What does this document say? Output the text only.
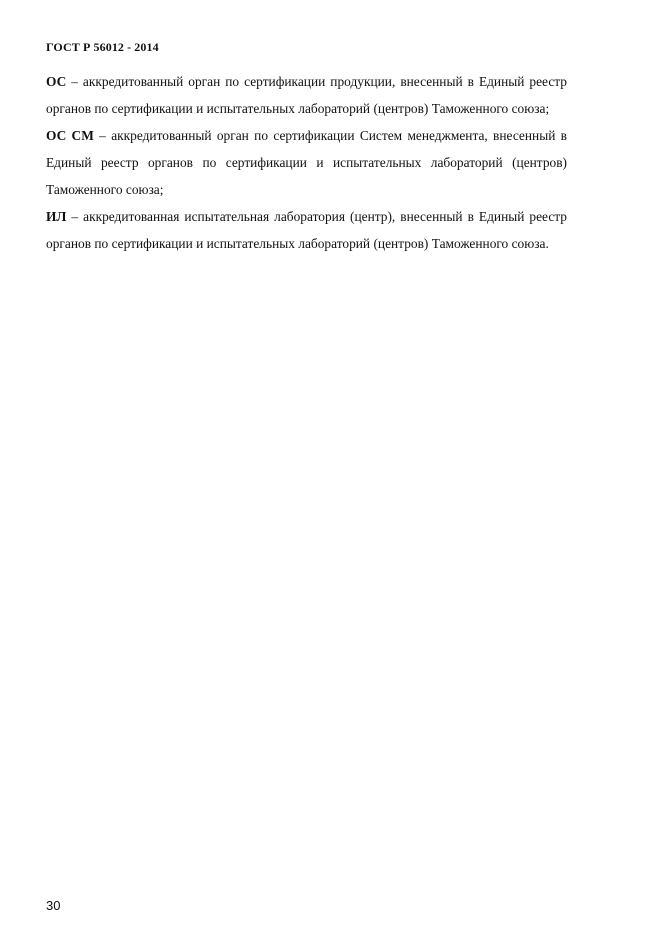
ГОСТ Р 56012 - 2014

ОС – аккредитованный орган по сертификации продукции, внесенный в Единый реестр органов по сертификации и испытательных лабораторий (центров) Таможенного союза;

ОС СМ – аккредитованный орган по сертификации Систем менеджмента, внесенный в Единый реестр органов по сертификации и испытательных лабораторий (центров) Таможенного союза;

ИЛ – аккредитованная испытательная лаборатория (центр), внесенный в Единый реестр органов по сертификации и испытательных лабораторий (центров) Таможенного союза.

30
